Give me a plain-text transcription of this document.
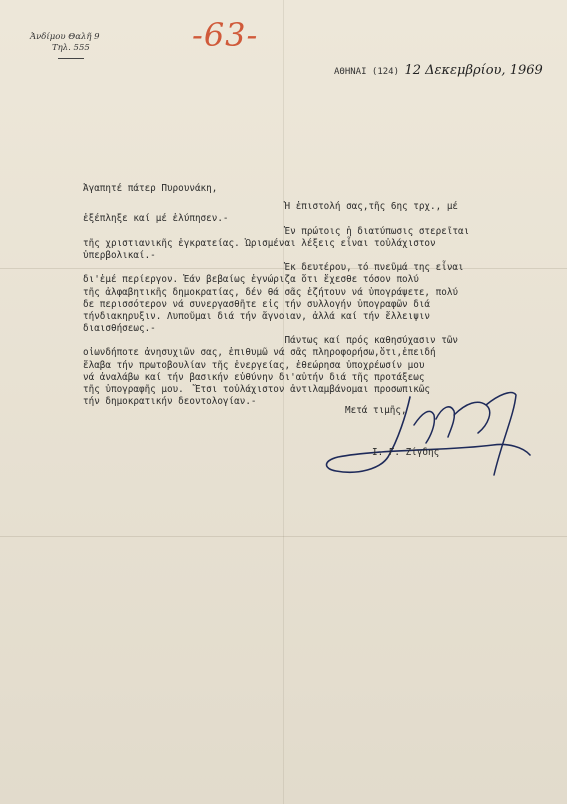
Ἀνδίμου Θαλῆ 9
Τηλ. 555	-63-
ΑΘΗΝΑΙ (124) 12 Δεκεμβρίου, 1969
Ἀγαπητέ πάτερ Πυρουνάκη,
Ἡ ἐπιστολή σας,τῆς 6ης τρχ., μέ
ἐξέπληξε καί μέ ἐλύπησεν.-
Ἐν πρώτοις ἡ διατύπωσις στερεῖται
τῆς χριστιανικῆς ἐγκρατείας. Ὡρισμέναι λέξεις εἶναι τοὐλάχιστον
ὑπερβολικαί.-
Ἐκ δευτέρου, τό πνεῦμά της εἶναι
δι'ἐμέ περίεργον. Ἐάν βεβαίως ἐγνώριζα ὅτι ἔχεσθε τόσον πολύ
τῆς ἀλφαβητικῆς δημοκρατίας, δέν θά σᾶς ἐζήτουν νά ὑπογράψετε, πολύ
δε περισσότερον νά συνεργασθῆτε εἰς τήν συλλογήν ὑπογραφῶν διά
τήνδιακηρυξιν. Λυποῦμαι διά τήν ἄγνοιαν, ἀλλά καί τήν ἔλλειψιν
διαισθήσεως.-
Πάντως καί πρός καθησύχασιν τῶν
οἱωνδήποτε ἀνησυχιῶν σας, ἐπιθυμῶ νά σᾶς πληροφορήσω,ὅτι,ἐπειδή
ἔλαβα τήν πρωτοβουλίαν τῆς ἐνεργείας, ἐθεώρησα ὑποχρέωσίν μου
νά ἀναλάβω καί τήν βασικήν εὐθύνην δι'αὐτήν διά τῆς προτάξεως
τῆς ὑπογραφῆς μου.  Ἔτσι τοὐλάχιστον ἀντιλαμβάνομαι προσωπικῶς
τήν δημοκρατικήν δεοντολογίαν.-
Μετά τιμῆς,
Ι. Γ. Ζίγδης
